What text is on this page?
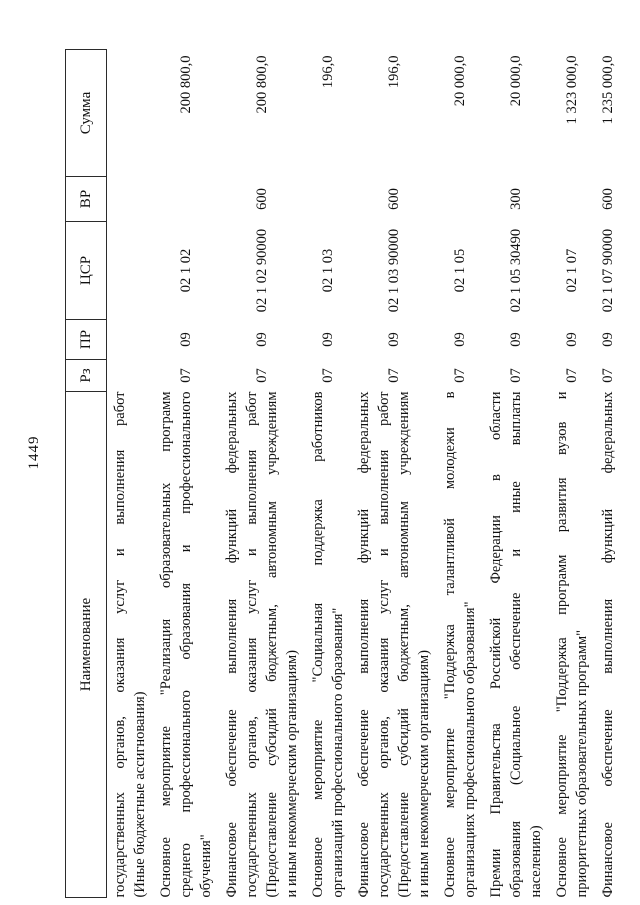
1449
Наименование	Рз	ПР	ЦСР	ВР	Сумма

государственных органов, оказания услуг и выполнения работ (Иные бюджетные ассигнования)					

Основное мероприятие "Реализация образовательных программ среднего профессионального образования и профессионального обучения"	07	09	02 1 02		200 800,0

Финансовое обеспечение выполнения функций федеральных государственных органов, оказания услуг и выполнения работ (Предоставление субсидий бюджетным, автономным учреждениям и иным некоммерческим организациям)	07	09	02 1 02 90000	600	200 800,0

Основное мероприятие "Социальная поддержка работников организаций профессионального образования"	07	09	02 1 03		196,0

Финансовое обеспечение выполнения функций федеральных государственных органов, оказания услуг и выполнения работ (Предоставление субсидий бюджетным, автономным учреждениям и иным некоммерческим организациям)	07	09	02 1 03 90000	600	196,0

Основное мероприятие "Поддержка талантливой молодежи в организациях профессионального образования"	07	09	02 1 05		20 000,0

Премии Правительства Российской Федерации в области образования (Социальное обеспечение и иные выплаты населению)	07	09	02 1 05 30490	300	20 000,0

Основное мероприятие "Поддержка программ развития вузов и приоритетных образовательных программ"	07	09	02 1 07		1 323 000,0

Финансовое обеспечение выполнения функций федеральных	07	09	02 1 07 90000	600	1 235 000,0
